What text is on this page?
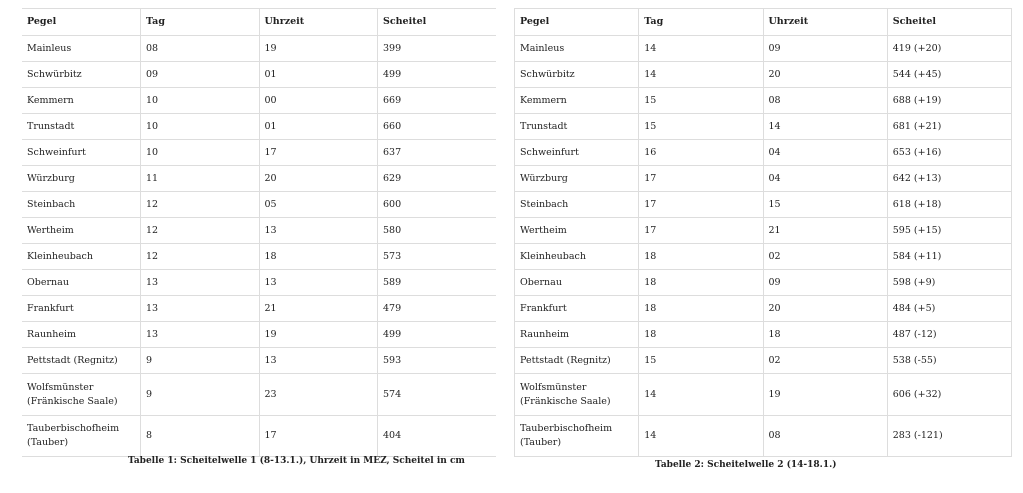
Pegel	Tag	Uhrzeit	Scheitel
Mainleus	08	19	399
Schwürbitz	09	01	499
Kemmern	10	00	669
Trunstadt	10	01	660
Schweinfurt	10	17	637
Würzburg	11	20	629
Steinbach	12	05	600
Wertheim	12	13	580
Kleinheubach	12	18	573
Obernau	13	13	589
Frankfurt	13	21	479
Raunheim	13	19	499
Pettstadt (Regnitz)	9	13	593
Wolfsmünster (Fränkische Saale)	9	23	574
Tauberbischofheim (Tauber)	8	17	404
Tabelle 1: Scheitelwelle 1 (8-13.1.), Uhrzeit in MEZ, Scheitel in cm
Pegel	Tag	Uhrzeit	Scheitel
Mainleus	14	09	419 (+20)
Schwürbitz	14	20	544 (+45)
Kemmern	15	08	688 (+19)
Trunstadt	15	14	681 (+21)
Schweinfurt	16	04	653 (+16)
Würzburg	17	04	642 (+13)
Steinbach	17	15	618 (+18)
Wertheim	17	21	595 (+15)
Kleinheubach	18	02	584 (+11)
Obernau	18	09	598 (+9)
Frankfurt	18	20	484 (+5)
Raunheim	18	18	487 (-12)
Pettstadt (Regnitz)	15	02	538 (-55)
Wolfsmünster (Fränkische Saale)	14	19	606 (+32)
Tauberbischofheim (Tauber)	14	08	283 (-121)
Tabelle 2: Scheitelwelle 2 (14-18.1.)
